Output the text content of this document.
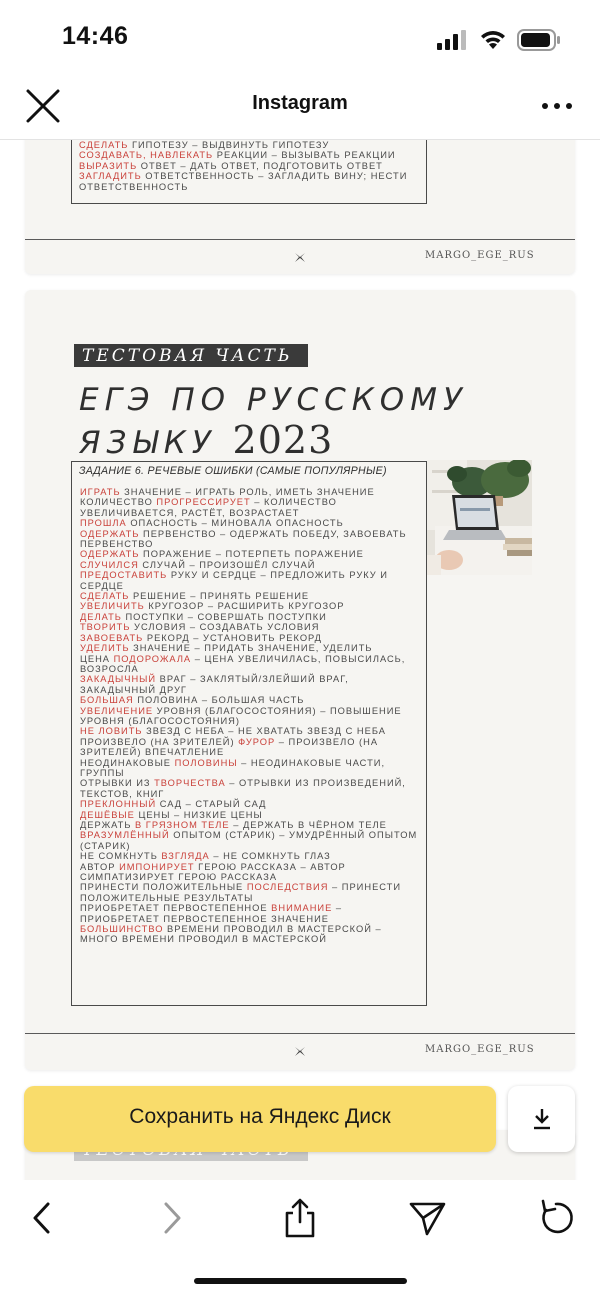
14:46
Instagram
СДЕЛАТЬ ГИПОТЕЗУ – ВЫДВИНУТЬ ГИПОТЕЗУ
СОЗДАВАТЬ, НАВЛЕКАТЬ РЕАКЦИИ – ВЫЗЫВАТЬ РЕАКЦИИ
ВЫРАЗИТЬ ОТВЕТ – ДАТЬ ОТВЕТ, ПОДГОТОВИТЬ ОТВЕТ
ЗАГЛАДИТЬ ОТВЕТСТВЕННОСТЬ – ЗАГЛАДИТЬ ВИНУ; НЕСТИ ОТВЕТСТВЕННОСТЬ
MARGO_EGE_RUS
ТЕСТОВАЯ ЧАСТЬ
ЕГЭ ПО РУССКОМУ
ЯЗЫКУ 2023
ЗАДАНИЕ 6. РЕЧЕВЫЕ ОШИБКИ (САМЫЕ ПОПУЛЯРНЫЕ)
ИГРАТЬ ЗНАЧЕНИЕ – ИГРАТЬ РОЛЬ, ИМЕТЬ ЗНАЧЕНИЕ
КОЛИЧЕСТВО ПРОГРЕССИРУЕТ – КОЛИЧЕСТВО УВЕЛИЧИВАЕТСЯ, РАСТЁТ, ВОЗРАСТАЕТ
ПРОШЛА ОПАСНОСТЬ – МИНОВАЛА ОПАСНОСТЬ
ОДЕРЖАТЬ ПЕРВЕНСТВО – ОДЕРЖАТЬ ПОБЕДУ, ЗАВОЕВАТЬ ПЕРВЕНСТВО
ОДЕРЖАТЬ ПОРАЖЕНИЕ – ПОТЕРПЕТЬ ПОРАЖЕНИЕ
СЛУЧИЛСЯ СЛУЧАЙ – ПРОИЗОШЁЛ СЛУЧАЙ
ПРЕДОСТАВИТЬ РУКУ И СЕРДЦЕ – ПРЕДЛОЖИТЬ РУКУ И СЕРДЦЕ
СДЕЛАТЬ РЕШЕНИЕ – ПРИНЯТЬ РЕШЕНИЕ
УВЕЛИЧИТЬ КРУГОЗОР – РАСШИРИТЬ КРУГОЗОР
ДЕЛАТЬ ПОСТУПКИ – СОВЕРШАТЬ ПОСТУПКИ
ТВОРИТЬ УСЛОВИЯ – СОЗДАВАТЬ УСЛОВИЯ
ЗАВОЕВАТЬ РЕКОРД – УСТАНОВИТЬ РЕКОРД
УДЕЛИТЬ ЗНАЧЕНИЕ – ПРИДАТЬ ЗНАЧЕНИЕ, УДЕЛИТЬ
ЦЕНА ПОДОРОЖАЛА – ЦЕНА УВЕЛИЧИЛАСЬ, ПОВЫСИЛАСЬ, ВОЗРОСЛА
ЗАКАДЫЧНЫЙ ВРАГ – ЗАКЛЯТЫЙ/ЗЛЕЙШИЙ ВРАГ, ЗАКАДЫЧНЫЙ ДРУГ
БОЛЬШАЯ ПОЛОВИНА – БОЛЬШАЯ ЧАСТЬ
УВЕЛИЧЕНИЕ УРОВНЯ (БЛАГОСОСТОЯНИЯ) – ПОВЫШЕНИЕ УРОВНЯ (БЛАГОСОСТОЯНИЯ)
НЕ ЛОВИТЬ ЗВЕЗД С НЕБА – НЕ ХВАТАТЬ ЗВЕЗД С НЕБА
ПРОИЗВЕЛО (НА ЗРИТЕЛЕЙ) ФУРОР – ПРОИЗВЕЛО (НА ЗРИТЕЛЕЙ) ВПЕЧАТЛЕНИЕ
НЕОДИНАКОВЫЕ ПОЛОВИНЫ – НЕОДИНАКОВЫЕ ЧАСТИ, ГРУППЫ
ОТРЫВКИ ИЗ ТВОРЧЕСТВА – ОТРЫВКИ ИЗ ПРОИЗВЕДЕНИЙ, ТЕКСТОВ, КНИГ
ПРЕКЛОННЫЙ САД – СТАРЫЙ САД
ДЕШЁВЫЕ ЦЕНЫ – НИЗКИЕ ЦЕНЫ
ДЕРЖАТЬ В ГРЯЗНОМ ТЕЛЕ – ДЕРЖАТЬ В ЧЁРНОМ ТЕЛЕ
ВРАЗУМЛЁННЫЙ ОПЫТОМ (СТАРИК) – УМУДРЁННЫЙ ОПЫТОМ (СТАРИК)
НЕ СОМКНУТЬ ВЗГЛЯДА – НЕ СОМКНУТЬ ГЛАЗ
АВТОР ИМПОНИРУЕТ ГЕРОЮ РАССКАЗА – АВТОР СИМПАТИЗИРУЕТ ГЕРОЮ РАССКАЗА
ПРИНЕСТИ ПОЛОЖИТЕЛЬНЫЕ ПОСЛЕДСТВИЯ – ПРИНЕСТИ ПОЛОЖИТЕЛЬНЫЕ РЕЗУЛЬТАТЫ
ПРИОБРЕТАЕТ ПЕРВОСТЕПЕННОЕ ВНИМАНИЕ – ПРИОБРЕТАЕТ ПЕРВОСТЕПЕННОЕ ЗНАЧЕНИЕ
БОЛЬШИНСТВО ВРЕМЕНИ ПРОВОДИЛ В МАСТЕРСКОЙ – МНОГО ВРЕМЕНИ ПРОВОДИЛ В МАСТЕРСКОЙ
MARGO_EGE_RUS
Сохранить на Яндекс Диск
